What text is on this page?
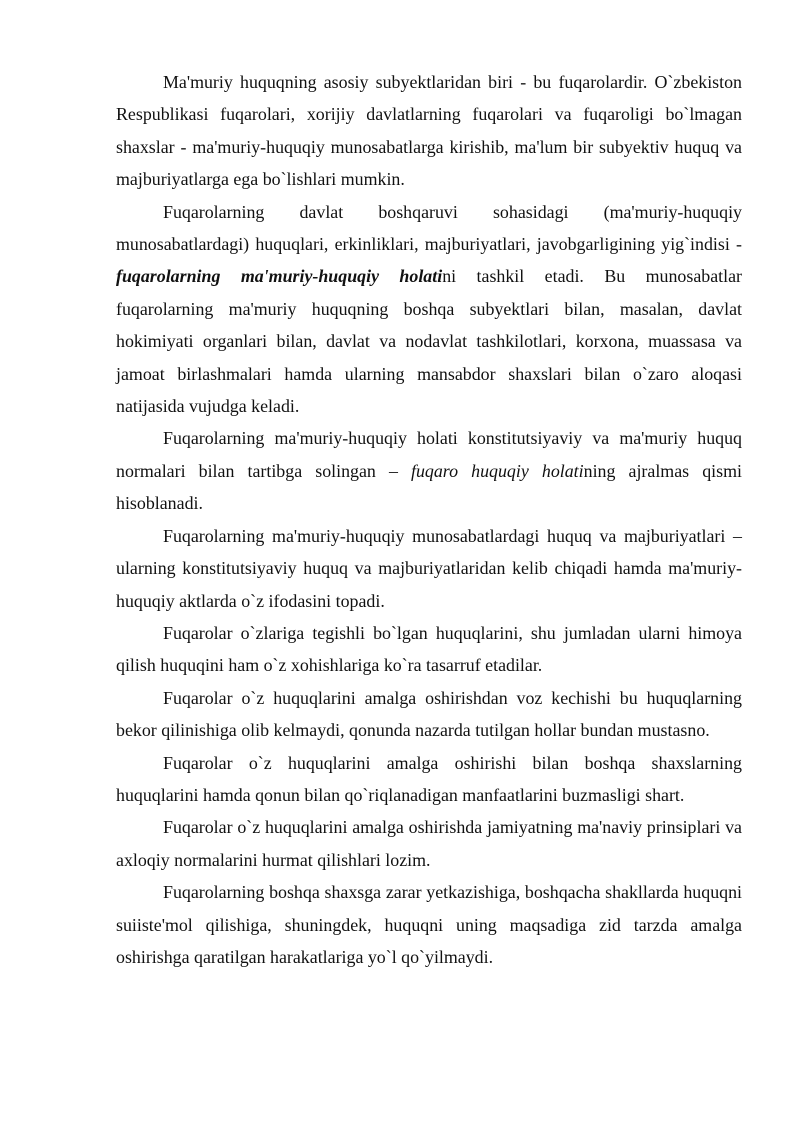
Ma'muriy huquqning asosiy subyektlaridan biri - bu fuqarolardir. O`zbekiston Respublikasi fuqarolari, xorijiy davlatlarning fuqarolari va fuqaroligi bo`lmagan shaxslar - ma'muriy-huquqiy munosabatlarga kirishib, ma'lum bir subyektiv huquq va majburiyatlarga ega bo`lishlari mumkin.

Fuqarolarning davlat boshqaruvi sohasidagi (ma'muriy-huquqiy munosabatlardagi) huquqlari, erkinliklari, majburiyatlari, javobgarligining yig`indisi - fuqarolarning ma'muriy-huquqiy holatini tashkil etadi. Bu munosabatlar fuqarolarning ma'muriy huquqning boshqa subyektlari bilan, masalan, davlat hokimiyati organlari bilan, davlat va nodavlat tashkilotlari, korxona, muassasa va jamoat birlashmalari hamda ularning mansabdor shaxslari bilan o`zaro aloqasi natijasida vujudga keladi.

Fuqarolarning ma'muriy-huquqiy holati konstitutsiyaviy va ma'muriy huquq normalari bilan tartibga solingan – fuqaro huquqiy holatining ajralmas qismi hisoblanadi.

Fuqarolarning ma'muriy-huquqiy munosabatlardagi huquq va majburiyatlari – ularning konstitutsiyaviy huquq va majburiyatlaridan kelib chiqadi hamda ma'muriy-huquqiy aktlarda o`z ifodasini topadi.

Fuqarolar o`zlariga tegishli bo`lgan huquqlarini, shu jumladan ularni himoya qilish huquqini ham o`z xohishlariga ko`ra tasarruf etadilar.

Fuqarolar o`z huquqlarini amalga oshirishdan voz kechishi bu huquqlarning bekor qilinishiga olib kelmaydi, qonunda nazarda tutilgan hollar bundan mustasno.

Fuqarolar o`z huquqlarini amalga oshirishi bilan boshqa shaxslarning huquqlarini hamda qonun bilan qo`riqlanadigan manfaatlarini buzmasligi shart.

Fuqarolar o`z huquqlarini amalga oshirishda jamiyatning ma'naviy prinsiplari va axloqiy normalarini hurmat qilishlari lozim.

Fuqarolarning boshqa shaxsga zarar yetkazishiga, boshqacha shakllarda huquqni suiiste'mol qilishiga, shuningdek, huquqni uning maqsadiga zid tarzda amalga oshirishga qaratilgan harakatlariga yo`l qo`yilmaydi.
